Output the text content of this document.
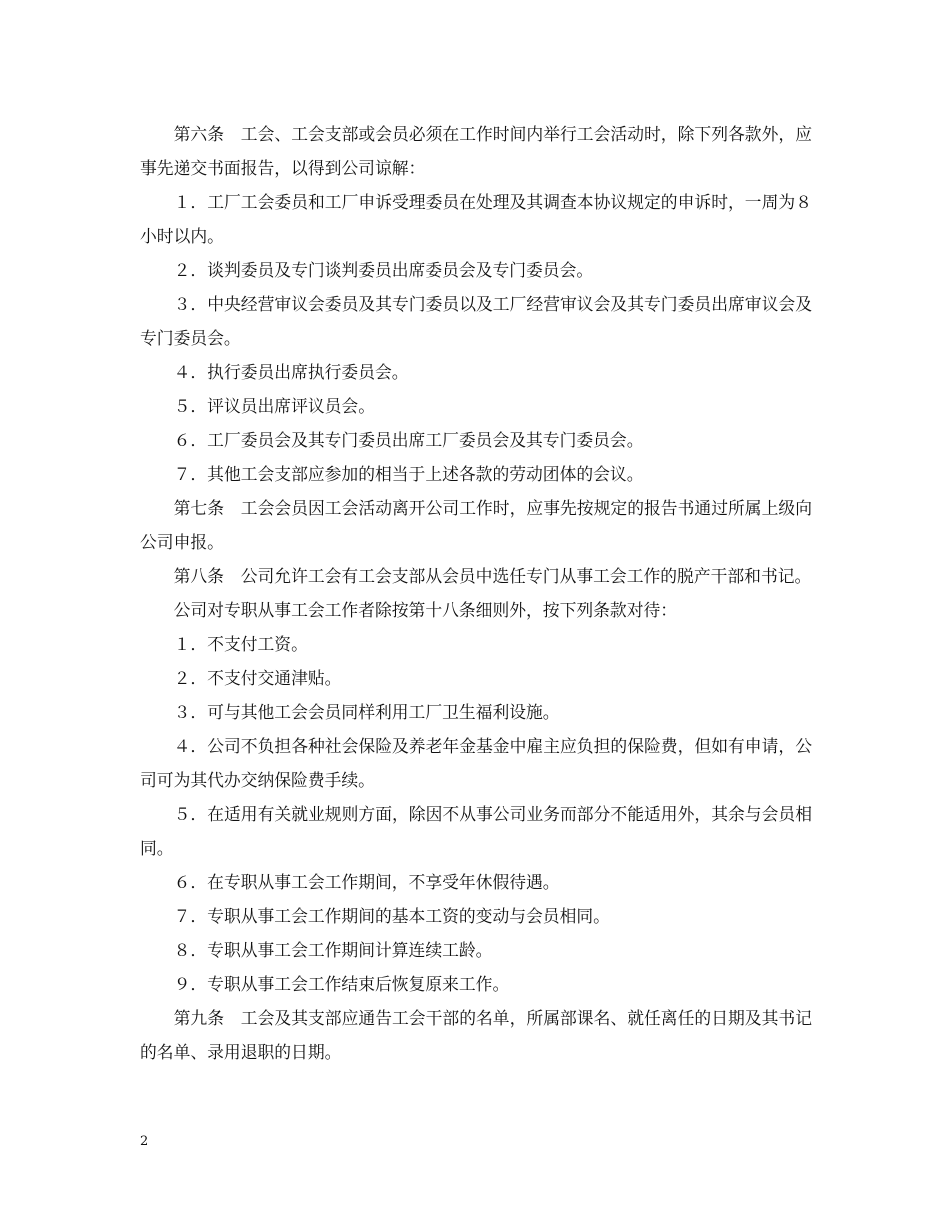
第六条　工会、工会支部或会员必须在工作时间内举行工会活动时，除下列各款外，应事先递交书面报告，以得到公司谅解：

１．工厂工会委员和工厂申诉受理委员在处理及其调查本协议规定的申诉时，一周为８小时以内。

２．谈判委员及专门谈判委员出席委员会及专门委员会。

３．中央经营审议会委员及其专门委员以及工厂经营审议会及其专门委员出席审议会及专门委员会。

４．执行委员出席执行委员会。

５．评议员出席评议员会。

６．工厂委员会及其专门委员出席工厂委员会及其专门委员会。

７．其他工会支部应参加的相当于上述各款的劳动团体的会议。

第七条　工会会员因工会活动离开公司工作时，应事先按规定的报告书通过所属上级向公司申报。

第八条　公司允许工会有工会支部从会员中选任专门从事工会工作的脱产干部和书记。

公司对专职从事工会工作者除按第十八条细则外，按下列条款对待：

１．不支付工资。

２．不支付交通津贴。

３．可与其他工会会员同样利用工厂卫生福利设施。

４．公司不负担各种社会保险及养老年金基金中雇主应负担的保险费，但如有申请，公司可为其代办交纳保险费手续。

５．在适用有关就业规则方面，除因不从事公司业务而部分不能适用外，其余与会员相同。

６．在专职从事工会工作期间，不享受年休假待遇。

７．专职从事工会工作期间的基本工资的变动与会员相同。

８．专职从事工会工作期间计算连续工龄。

９．专职从事工会工作结束后恢复原来工作。

第九条　工会及其支部应通告工会干部的名单，所属部课名、就任离任的日期及其书记的名单、录用退职的日期。

2
